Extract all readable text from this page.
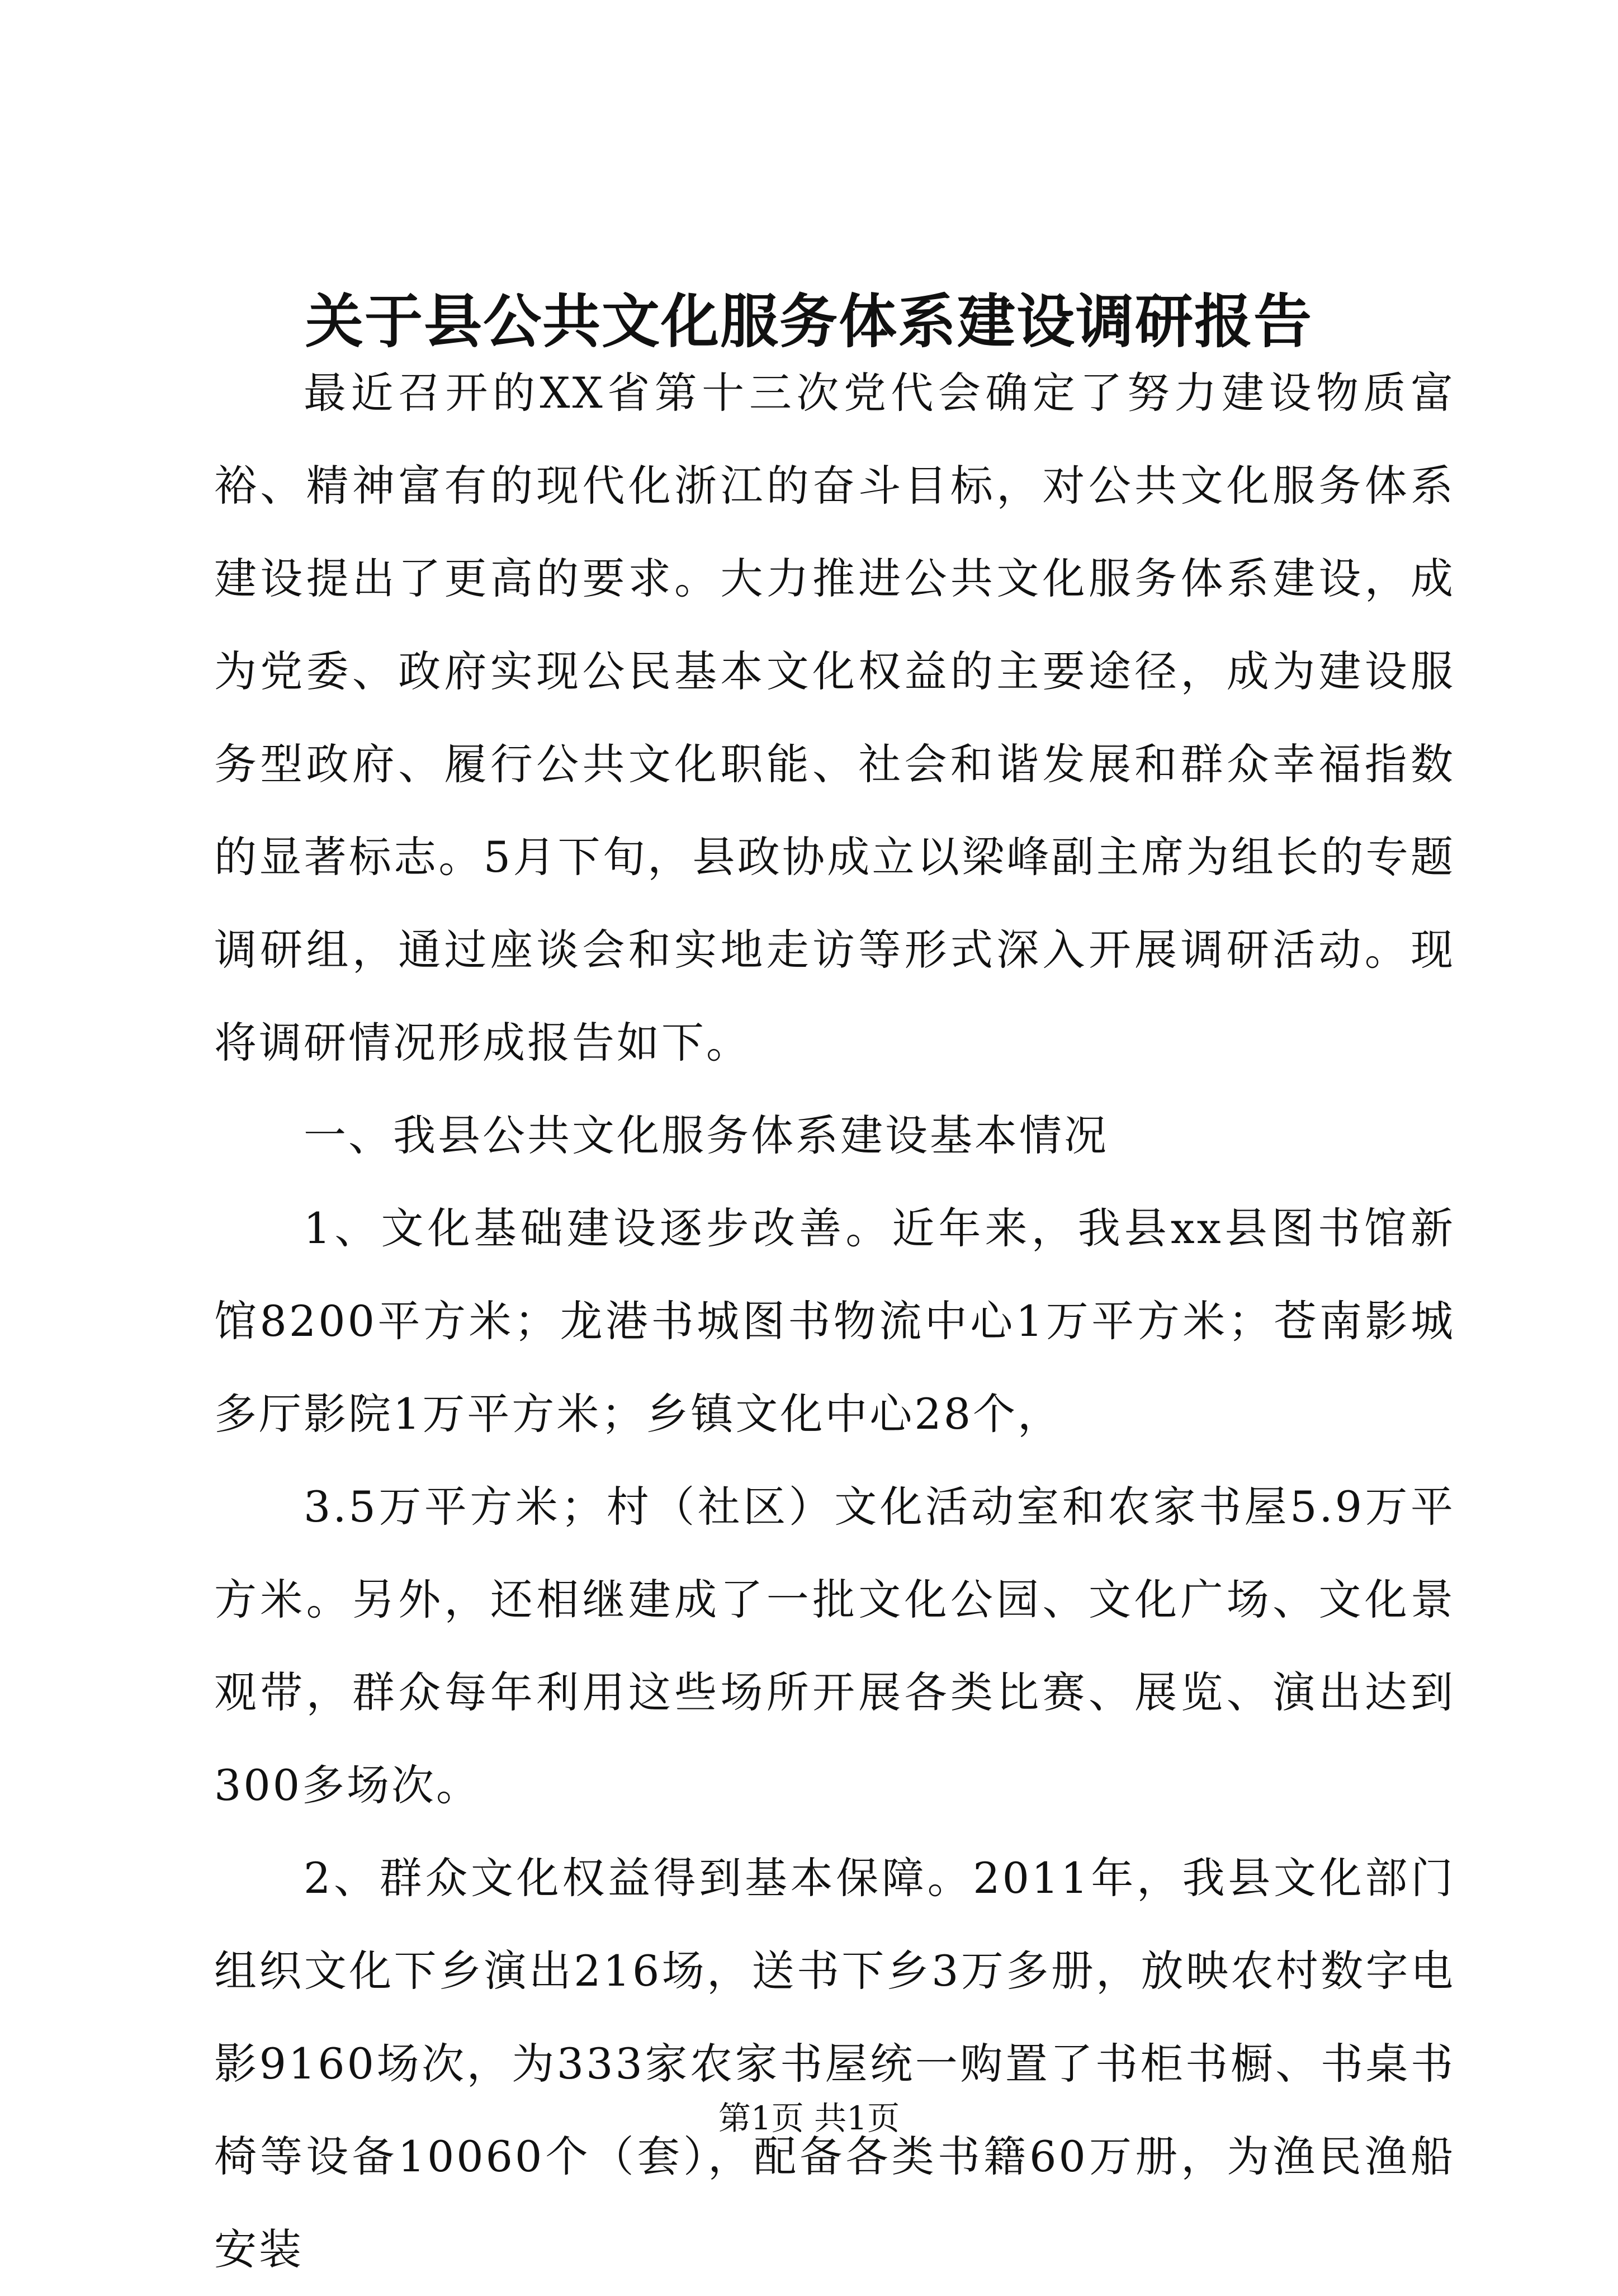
关于县公共文化服务体系建设调研报告

最近召开的XX省第十三次党代会确定了努力建设物质富裕、精神富有的现代化浙江的奋斗目标，对公共文化服务体系建设提出了更高的要求。大力推进公共文化服务体系建设，成为党委、政府实现公民基本文化权益的主要途径，成为建设服务型政府、履行公共文化职能、社会和谐发展和群众幸福指数的显著标志。5月下旬，县政协成立以梁峰副主席为组长的专题调研组，通过座谈会和实地走访等形式深入开展调研活动。现将调研情况形成报告如下。

一、我县公共文化服务体系建设基本情况

1、文化基础建设逐步改善。近年来，我县xx县图书馆新馆8200平方米；龙港书城图书物流中心1万平方米；苍南影城多厅影院1万平方米；乡镇文化中心28个，

3.5万平方米；村（社区）文化活动室和农家书屋5.9万平方米。另外，还相继建成了一批文化公园、文化广场、文化景观带，群众每年利用这些场所开展各类比赛、展览、演出达到300多场次。

2、群众文化权益得到基本保障。2011年，我县文化部门组织文化下乡演出216场，送书下乡3万多册，放映农村数字电影9160场次，为333家农家书屋统一购置了书柜书橱、书桌书椅等设备10060个（套），配备各类书籍60万册，为渔民渔船安装

第1页 共1页
